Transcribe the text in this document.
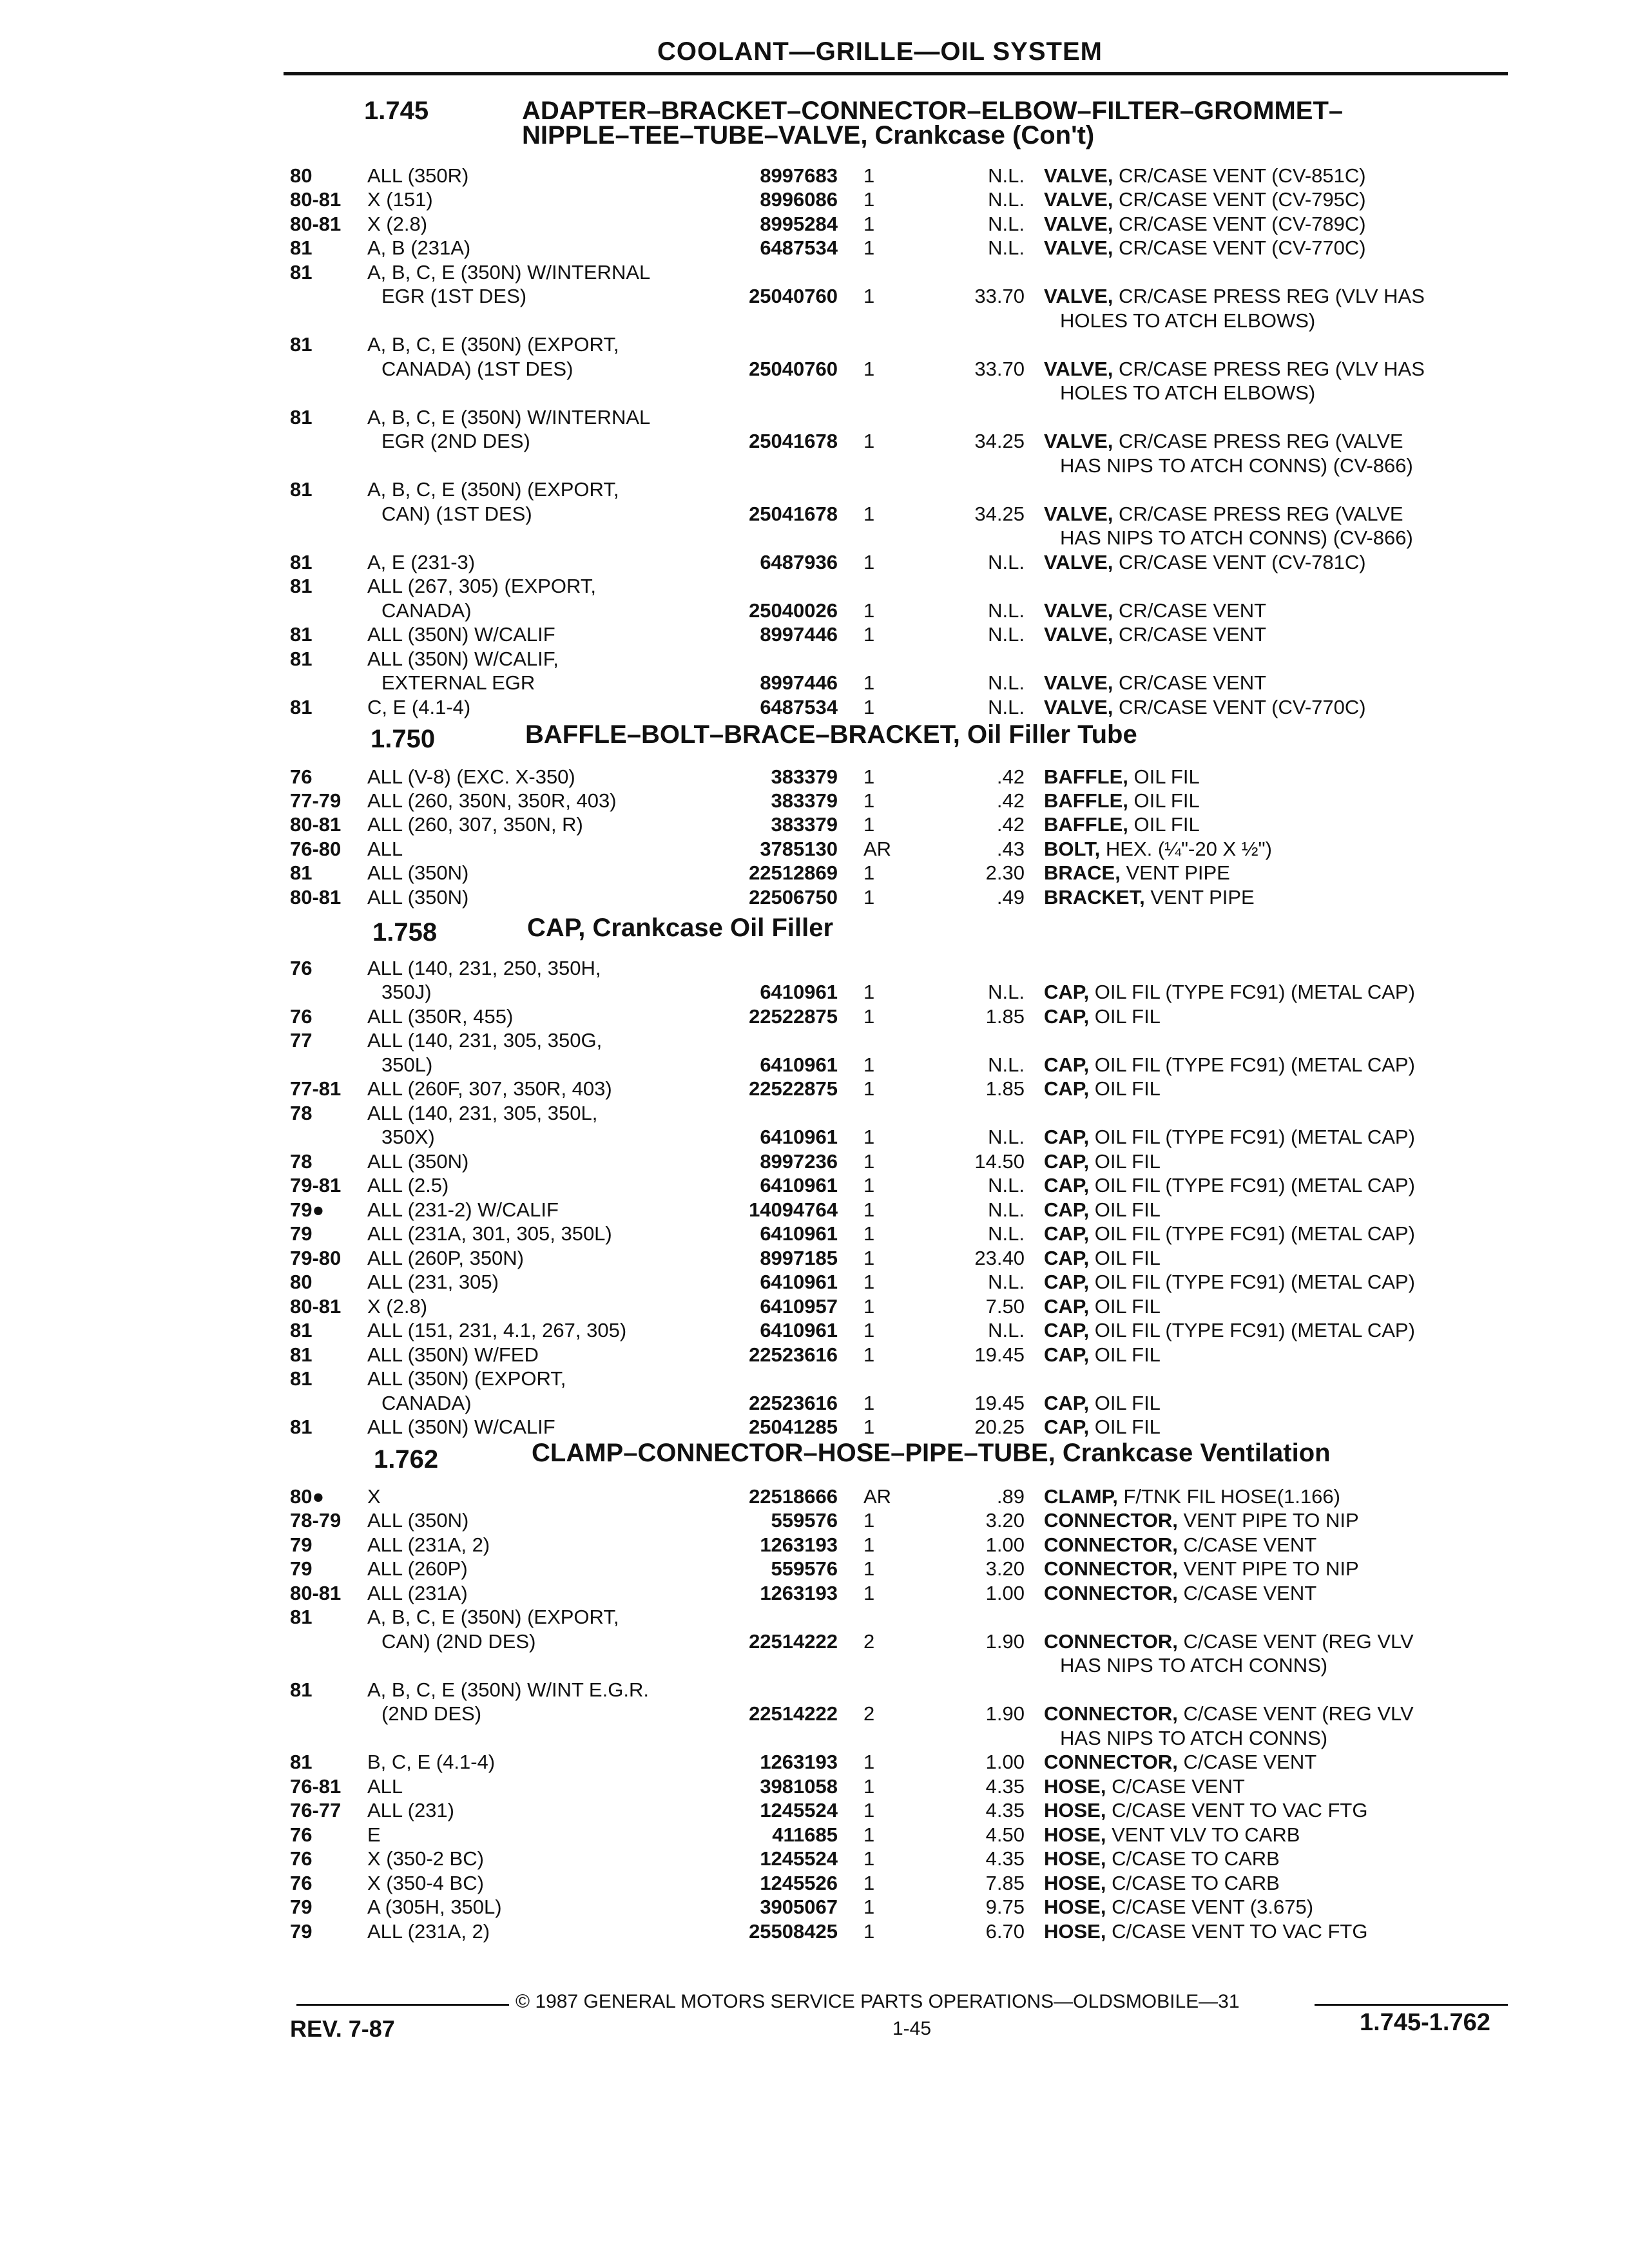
COOLANT—GRILLE—OIL SYSTEM
1.745	ADAPTER–BRACKET–CONNECTOR–ELBOW–FILTER–GROMMET–
NIPPLE–TEE–TUBE–VALVE, Crankcase (Con't)
1.750	BAFFLE–BOLT–BRACE–BRACKET, Oil Filler Tube
1.758	CAP, Crankcase Oil Filler
1.762	CLAMP–CONNECTOR–HOSE–PIPE–TUBE, Crankcase Ventilation
80	ALL (350R)	8997683 1	N.L. VALVE, CR/CASE VENT (CV-851C)
80-81 X (151)	8996086 1	N.L. VALVE, CR/CASE VENT (CV-795C)
80-81 X (2.8)	8995284 1	N.L. VALVE, CR/CASE VENT (CV-789C)
81	A, B (231A)	6487534 1	N.L. VALVE, CR/CASE VENT (CV-770C)
81	A, B, C, E (350N) W/INTERNAL
EGR (1ST DES)	25040760 1	33.70 VALVE, CR/CASE PRESS REG (VLV HAS
HOLES TO ATCH ELBOWS)
81	A, B, C, E (350N) (EXPORT,
CANADA) (1ST DES)	25040760 1	33.70 VALVE, CR/CASE PRESS REG (VLV HAS
HOLES TO ATCH ELBOWS)
81	A, B, C, E (350N) W/INTERNAL
EGR (2ND DES)	25041678 1	34.25 VALVE, CR/CASE PRESS REG (VALVE
HAS NIPS TO ATCH CONNS) (CV-866)
81	A, B, C, E (350N) (EXPORT,
CAN) (1ST DES)	25041678 1	34.25 VALVE, CR/CASE PRESS REG (VALVE
HAS NIPS TO ATCH CONNS) (CV-866)
81	A, E (231-3)	6487936 1	N.L. VALVE, CR/CASE VENT (CV-781C)
81	ALL (267, 305) (EXPORT,
CANADA)	25040026 1	N.L. VALVE, CR/CASE VENT
81	ALL (350N) W/CALIF	8997446 1	N.L. VALVE, CR/CASE VENT
81	ALL (350N) W/CALIF,
EXTERNAL EGR	8997446 1	N.L. VALVE, CR/CASE VENT
81	C, E (4.1-4)	6487534 1	N.L. VALVE, CR/CASE VENT (CV-770C)
76	ALL (V-8) (EXC. X-350)	383379 1	.42 BAFFLE, OIL FIL
77-79 ALL (260, 350N, 350R, 403)	383379 1	.42 BAFFLE, OIL FIL
80-81 ALL (260, 307, 350N, R)	383379 1	.42 BAFFLE, OIL FIL
76-80 ALL	3785130 AR	.43 BOLT, HEX. (¼"-20 X ½")
81	ALL (350N)	22512869 1	2.30 BRACE, VENT PIPE
80-81 ALL (350N)	22506750 1	.49 BRACKET, VENT PIPE
76	ALL (140, 231, 250, 350H,
350J)	6410961 1	N.L. CAP, OIL FIL (TYPE FC91) (METAL CAP)
76	ALL (350R, 455)	22522875 1	1.85 CAP, OIL FIL
77	ALL (140, 231, 305, 350G,
350L)	6410961 1	N.L. CAP, OIL FIL (TYPE FC91) (METAL CAP)
77-81 ALL (260F, 307, 350R, 403)	22522875 1	1.85 CAP, OIL FIL
78	ALL (140, 231, 305, 350L,
350X)	6410961 1	N.L. CAP, OIL FIL (TYPE FC91) (METAL CAP)
78	ALL (350N)	8997236 1	14.50 CAP, OIL FIL
79-81 ALL (2.5)	6410961 1	N.L. CAP, OIL FIL (TYPE FC91) (METAL CAP)
79● ALL (231-2) W/CALIF	14094764 1	N.L. CAP, OIL FIL
79	ALL (231A, 301, 305, 350L)	6410961 1	N.L. CAP, OIL FIL (TYPE FC91) (METAL CAP)
79-80 ALL (260P, 350N)	8997185 1	23.40 CAP, OIL FIL
80	ALL (231, 305)	6410961 1	N.L. CAP, OIL FIL (TYPE FC91) (METAL CAP)
80-81 X (2.8)	6410957 1	7.50 CAP, OIL FIL
81	ALL (151, 231, 4.1, 267, 305)	6410961 1	N.L. CAP, OIL FIL (TYPE FC91) (METAL CAP)
81	ALL (350N) W/FED	22523616 1	19.45 CAP, OIL FIL
81	ALL (350N) (EXPORT,
CANADA)	22523616 1	19.45 CAP, OIL FIL
81	ALL (350N) W/CALIF	25041285 1	20.25 CAP, OIL FIL
80● X	22518666 AR	.89 CLAMP, F/TNK FIL HOSE(1.166)
78-79 ALL (350N)	559576 1	3.20 CONNECTOR, VENT PIPE TO NIP
79	ALL (231A, 2)	1263193 1	1.00 CONNECTOR, C/CASE VENT
79	ALL (260P)	559576 1	3.20 CONNECTOR, VENT PIPE TO NIP
80-81 ALL (231A)	1263193 1	1.00 CONNECTOR, C/CASE VENT
81	A, B, C, E (350N) (EXPORT,
CAN) (2ND DES)	22514222 2	1.90 CONNECTOR, C/CASE VENT (REG VLV
HAS NIPS TO ATCH CONNS)
81	A, B, C, E (350N) W/INT E.G.R.
(2ND DES)	22514222 2	1.90 CONNECTOR, C/CASE VENT (REG VLV
HAS NIPS TO ATCH CONNS)
81	B, C, E (4.1-4)	1263193 1	1.00 CONNECTOR, C/CASE VENT
76-81 ALL	3981058 1	4.35 HOSE, C/CASE VENT
76-77 ALL (231)	1245524 1	4.35 HOSE, C/CASE VENT TO VAC FTG
76	E	411685 1	4.50 HOSE, VENT VLV TO CARB
76	X (350-2 BC)	1245524 1	4.35 HOSE, C/CASE TO CARB
76	X (350-4 BC)	1245526 1	7.85 HOSE, C/CASE TO CARB
79	A (305H, 350L)	3905067 1	9.75 HOSE, C/CASE VENT (3.675)
79	ALL (231A, 2)	25508425 1	6.70 HOSE, C/CASE VENT TO VAC FTG
© 1987 GENERAL MOTORS SERVICE PARTS OPERATIONS—OLDSMOBILE—31
REV. 7-87	1-45	1.745-1.762
